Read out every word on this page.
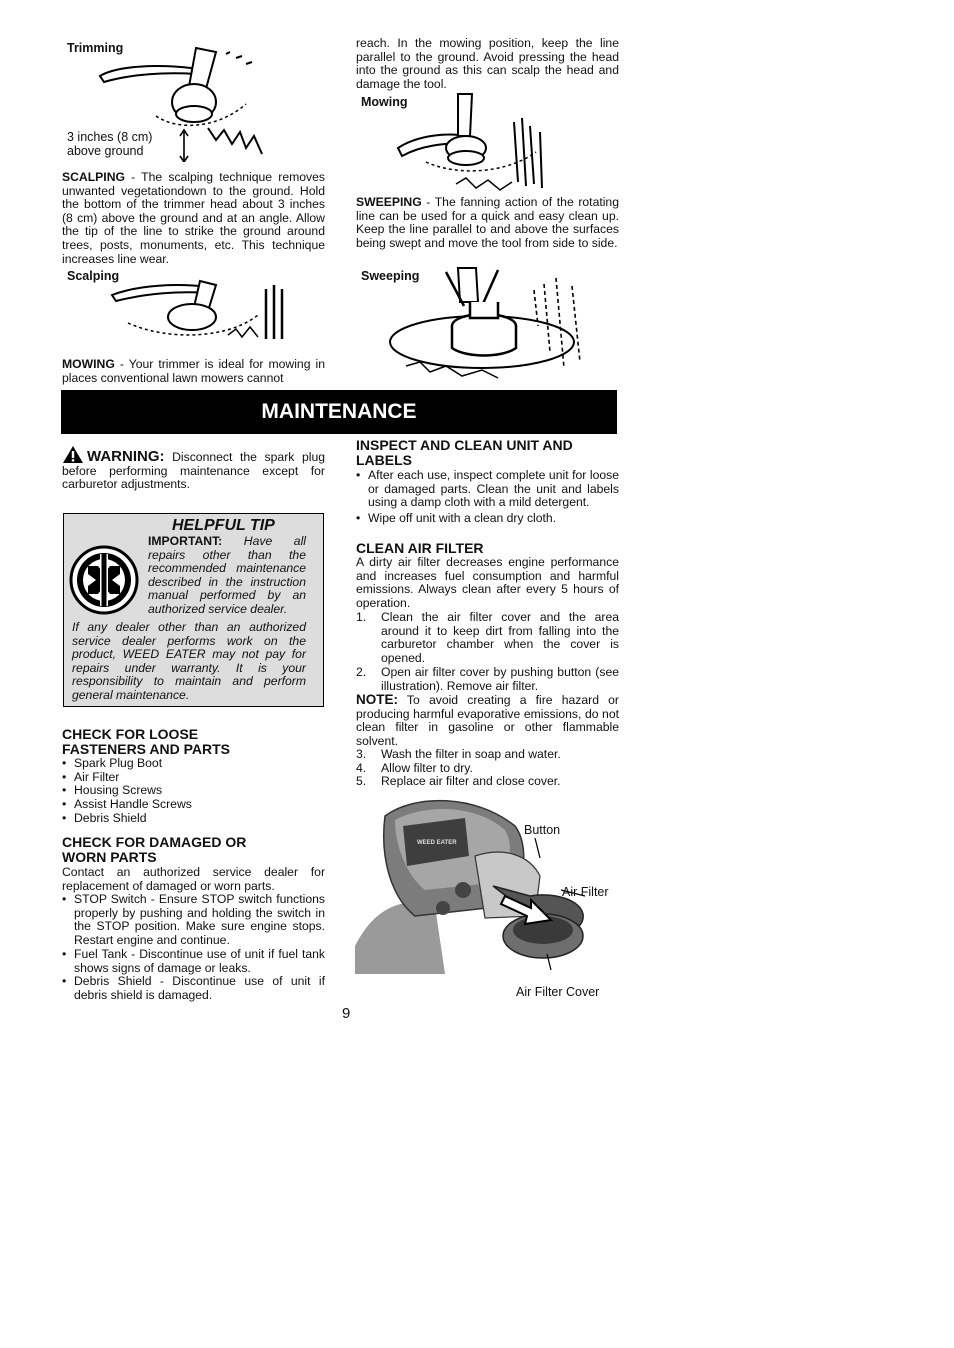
Trimming
3 inches (8 cm)
above ground
SCALPING - The scalping technique removes unwanted vegetationdown to the ground. Hold the bottom of the trimmer head about 3 inches (8 cm) above the ground and at an angle. Allow the tip of the line to strike the ground around trees, posts, monuments, etc. This technique increases line wear.
Scalping
MOWING - Your trimmer is ideal for mowing in places conventional lawn mowers cannot
reach. In the mowing position, keep the line parallel to the ground. Avoid pressing the head into the ground as this can scalp the head and damage the tool.
Mowing
SWEEPING - The fanning action of the rotating line can be used for a quick and easy clean up. Keep the line parallel to and above the surfaces being swept and move the tool from side to side.
Sweeping
MAINTENANCE
WARNING: Disconnect the spark plug before performing maintenance except for carburetor adjustments.
HELPFUL TIP
IMPORTANT: Have all repairs other than the recommended maintenance described in the instruction manual performed by an authorized service dealer.
If any dealer other than an authorized service dealer performs work on the product, WEED EATER may not pay for repairs under warranty. It is your responsibility to maintain and perform general maintenance.
CHECK FOR LOOSE
FASTENERS AND PARTS
• Spark Plug Boot
• Air Filter
• Housing Screws
• Assist Handle Screws
• Debris Shield
CHECK FOR DAMAGED OR
WORN PARTS
Contact an authorized service dealer for replacement of damaged or worn parts.
• STOP Switch - Ensure STOP switch functions properly by pushing and holding the switch in the STOP position. Make sure engine stops. Restart engine and continue.
• Fuel Tank - Discontinue use of unit if fuel tank shows signs of damage or leaks.
• Debris Shield - Discontinue use of unit if debris shield is damaged.
INSPECT AND CLEAN UNIT AND
LABELS
• After each use, inspect complete unit for loose or damaged parts. Clean the unit and labels using a damp cloth with a mild detergent.
• Wipe off unit with a clean dry cloth.
CLEAN AIR FILTER
A dirty air filter decreases engine performance and increases fuel consumption and harmful emissions. Always clean after every 5 hours of operation.
1. Clean the air filter cover and the area around it to keep dirt from falling into the carburetor chamber when the cover is opened.
2. Open air filter cover by pushing button (see illustration). Remove air filter.
NOTE: To avoid creating a fire hazard or producing harmful evaporative emissions, do not clean filter in gasoline or other flammable solvent.
3. Wash the filter in soap and water.
4. Allow filter to dry.
5. Replace air filter and close cover.
WEED EATER
Button
Air Filter
Air Filter Cover
9
